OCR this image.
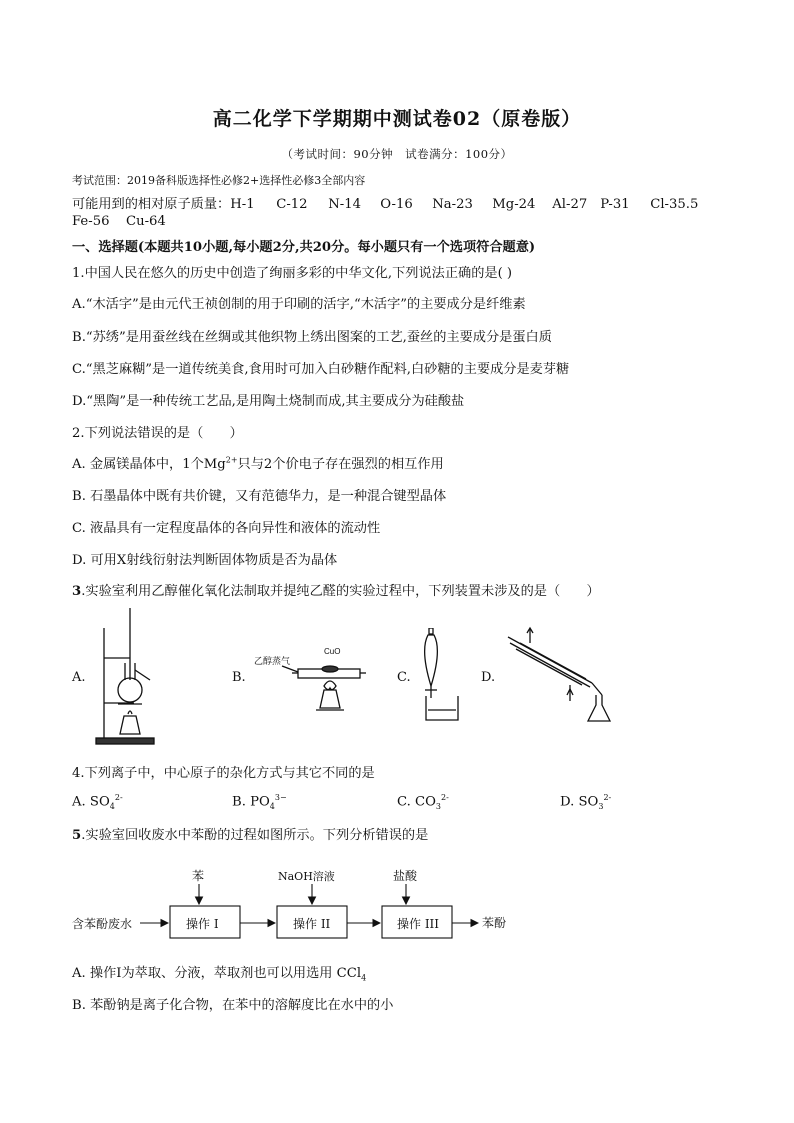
高二化学下学期期中测试卷02（原卷版）
（考试时间：90分钟　试卷满分：100分）
考试范围：2019备科版选择性必修2+选择性必修3全部内容
可能用到的相对原子质量：H-1 C-12 N-14 O-16 Na-23 Mg-24 Al-27 P-31 Cl-35.5
Fe-56 Cu-64
一、选择题(本题共10小题,每小题2分,共20分。每小题只有一个选项符合题意)
1.中国人民在悠久的历史中创造了绚丽多彩的中华文化,下列说法正确的是( )
A.“木活字”是由元代王祯创制的用于印刷的活字,“木活字”的主要成分是纤维素
B.“苏绣”是用蚕丝线在丝绸或其他织物上绣出图案的工艺,蚕丝的主要成分是蛋白质
C.“黑芝麻糊”是一道传统美食,食用时可加入白砂糖作配料,白砂糖的主要成分是麦芽糖
D.“黑陶”是一种传统工艺品,是用陶土烧制而成,其主要成分为硅酸盐
2.下列说法错误的是（　　）
A. 金属镁晶体中，1个$Mg^{2+}$只与2个价电子存在强烈的相互作用
B. 石墨晶体中既有共价键，又有范德华力，是一种混合键型晶体
C. 液晶具有一定程度晶体的各向异性和液体的流动性
D. 可用X射线衍射法判断固体物质是否为晶体
3.实验室利用乙醇催化氧化法制取并提纯乙醛的实验过程中，下列装置未涉及的是（　　）
A.	B.	C.	D.
乙醇蒸气
CuO
4.下列离子中，中心原子的杂化方式与其它不同的是
A. $SO_4^{2-}$	B. $PO_4^{3-}$	C. $CO_3^{2-}$	D. $SO_3^{2-}$
5.实验室回收废水中苯酚的过程如图所示。下列分析错误的是
含苯酚废水
苯	NaOH溶液	盐酸
操作 I	操作 II	操作 III	苯酚
A. 操作I为萃取、分液，萃取剂也可以用选用 CCl$_4$
B. 苯酚钠是离子化合物，在苯中的溶解度比在水中的小
